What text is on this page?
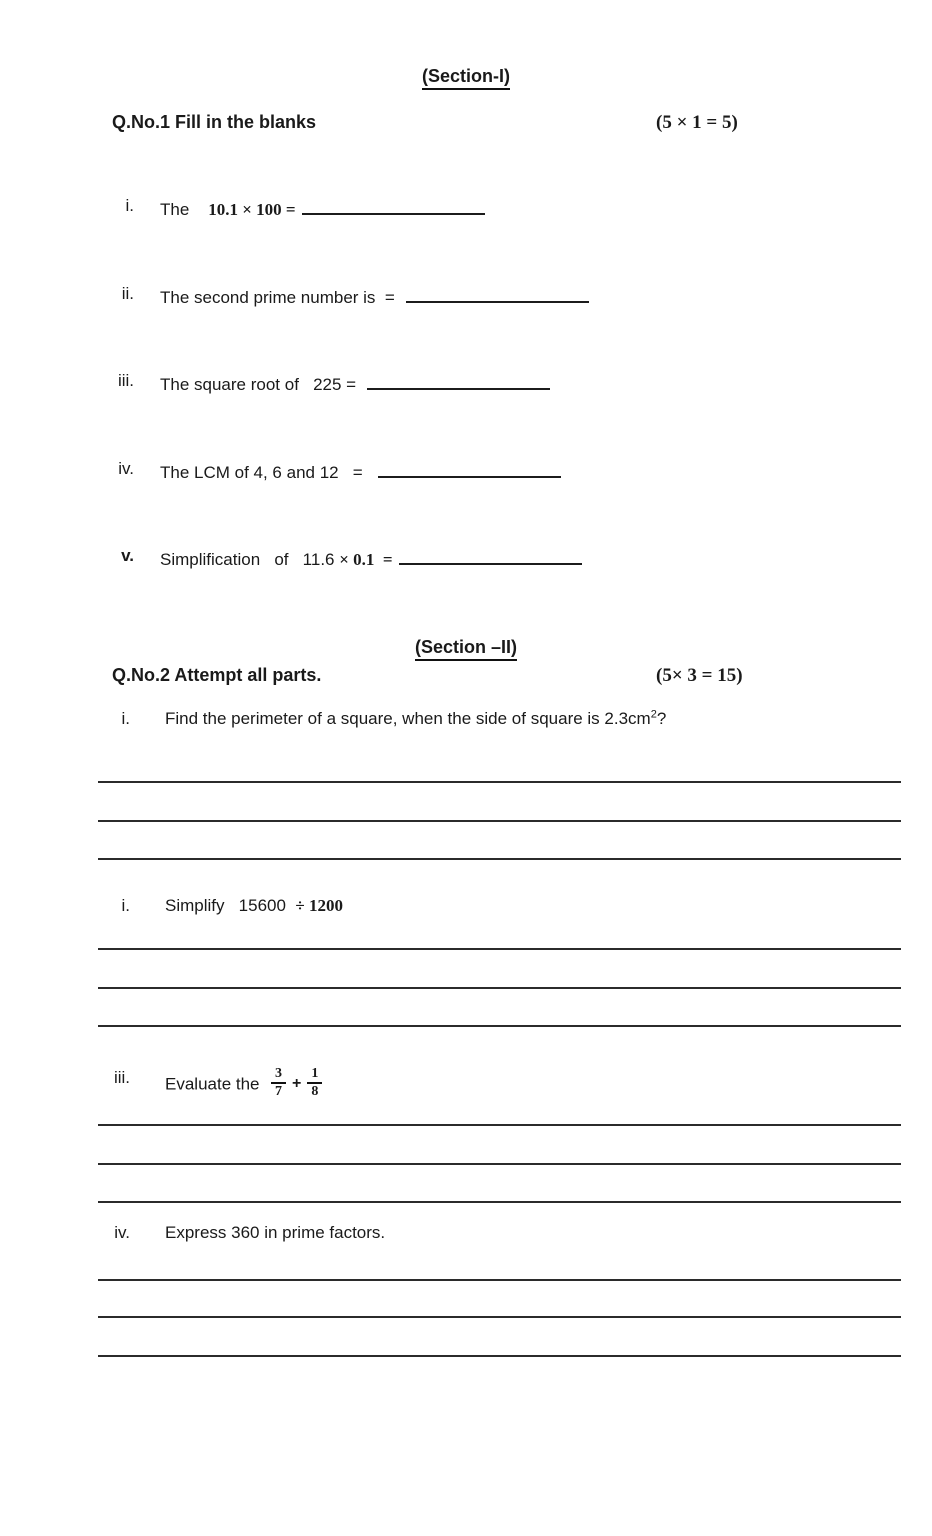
(Section-I)
Q.No.1 Fill in the blanks	(5 × 1 = 5)
i. The    10.1 × 100 =
ii. The second prime number is  =
iii. The square root of   225 =
iv. The LCM of 4, 6 and 12   =
v. Simplification   of   11.6 × 0.1  =
(Section –II)
Q.No.2 Attempt all parts.	(5× 3 = 15)
i. Find the perimeter of a square, when the side of square is $2.3cm^2$?
i. Simplify   15600  ÷ 1200
iii. Evaluate the $\frac{3}{7} + \frac{1}{8}$
iv. Express 360 in prime factors.
